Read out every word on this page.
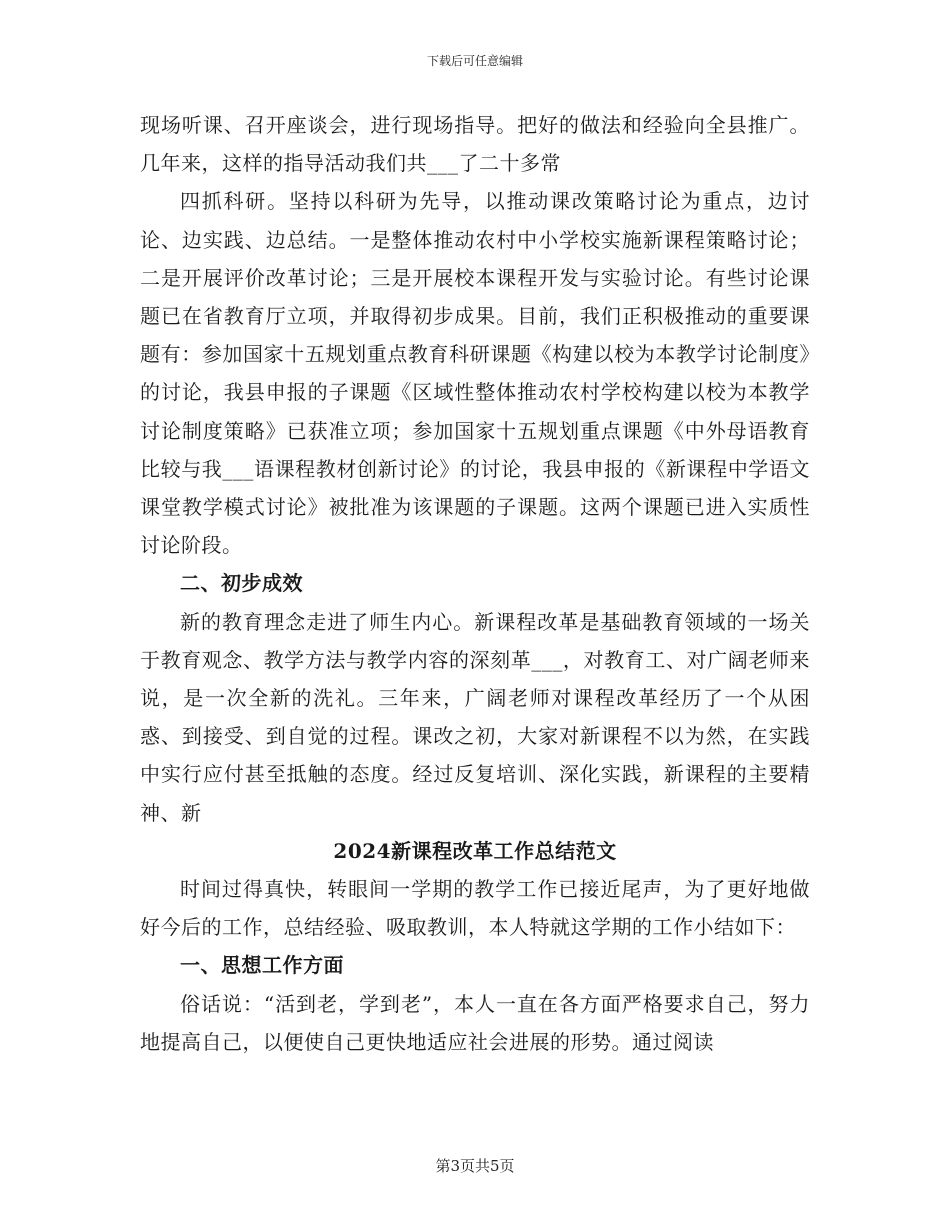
下载后可任意编辑

现场听课、召开座谈会，进行现场指导。把好的做法和经验向全县推广。几年来，这样的指导活动我们共___了二十多常

四抓科研。坚持以科研为先导，以推动课改策略讨论为重点，边讨论、边实践、边总结。一是整体推动农村中小学校实施新课程策略讨论；二是开展评价改革讨论；三是开展校本课程开发与实验讨论。有些讨论课题已在省教育厅立项，并取得初步成果。目前，我们正积极推动的重要课题有：参加国家十五规划重点教育科研课题《构建以校为本教学讨论制度》的讨论，我县申报的子课题《区域性整体推动农村学校构建以校为本教学讨论制度策略》已获准立项；参加国家十五规划重点课题《中外母语教育比较与我___语课程教材创新讨论》的讨论，我县申报的《新课程中学语文课堂教学模式讨论》被批准为该课题的子课题。这两个课题已进入实质性讨论阶段。

二、初步成效

新的教育理念走进了师生内心。新课程改革是基础教育领域的一场关于教育观念、教学方法与教学内容的深刻革___，对教育工、对广阔老师来说，是一次全新的洗礼。三年来，广阔老师对课程改革经历了一个从困惑、到接受、到自觉的过程。课改之初，大家对新课程不以为然，在实践中实行应付甚至抵触的态度。经过反复培训、深化实践，新课程的主要精神、新

2024新课程改革工作总结范文

时间过得真快，转眼间一学期的教学工作已接近尾声，为了更好地做好今后的工作，总结经验、吸取教训，本人特就这学期的工作小结如下：

一、思想工作方面

俗话说：“活到老，学到老”，本人一直在各方面严格要求自己，努力地提高自己，以便使自己更快地适应社会进展的形势。通过阅读

第3页共5页
